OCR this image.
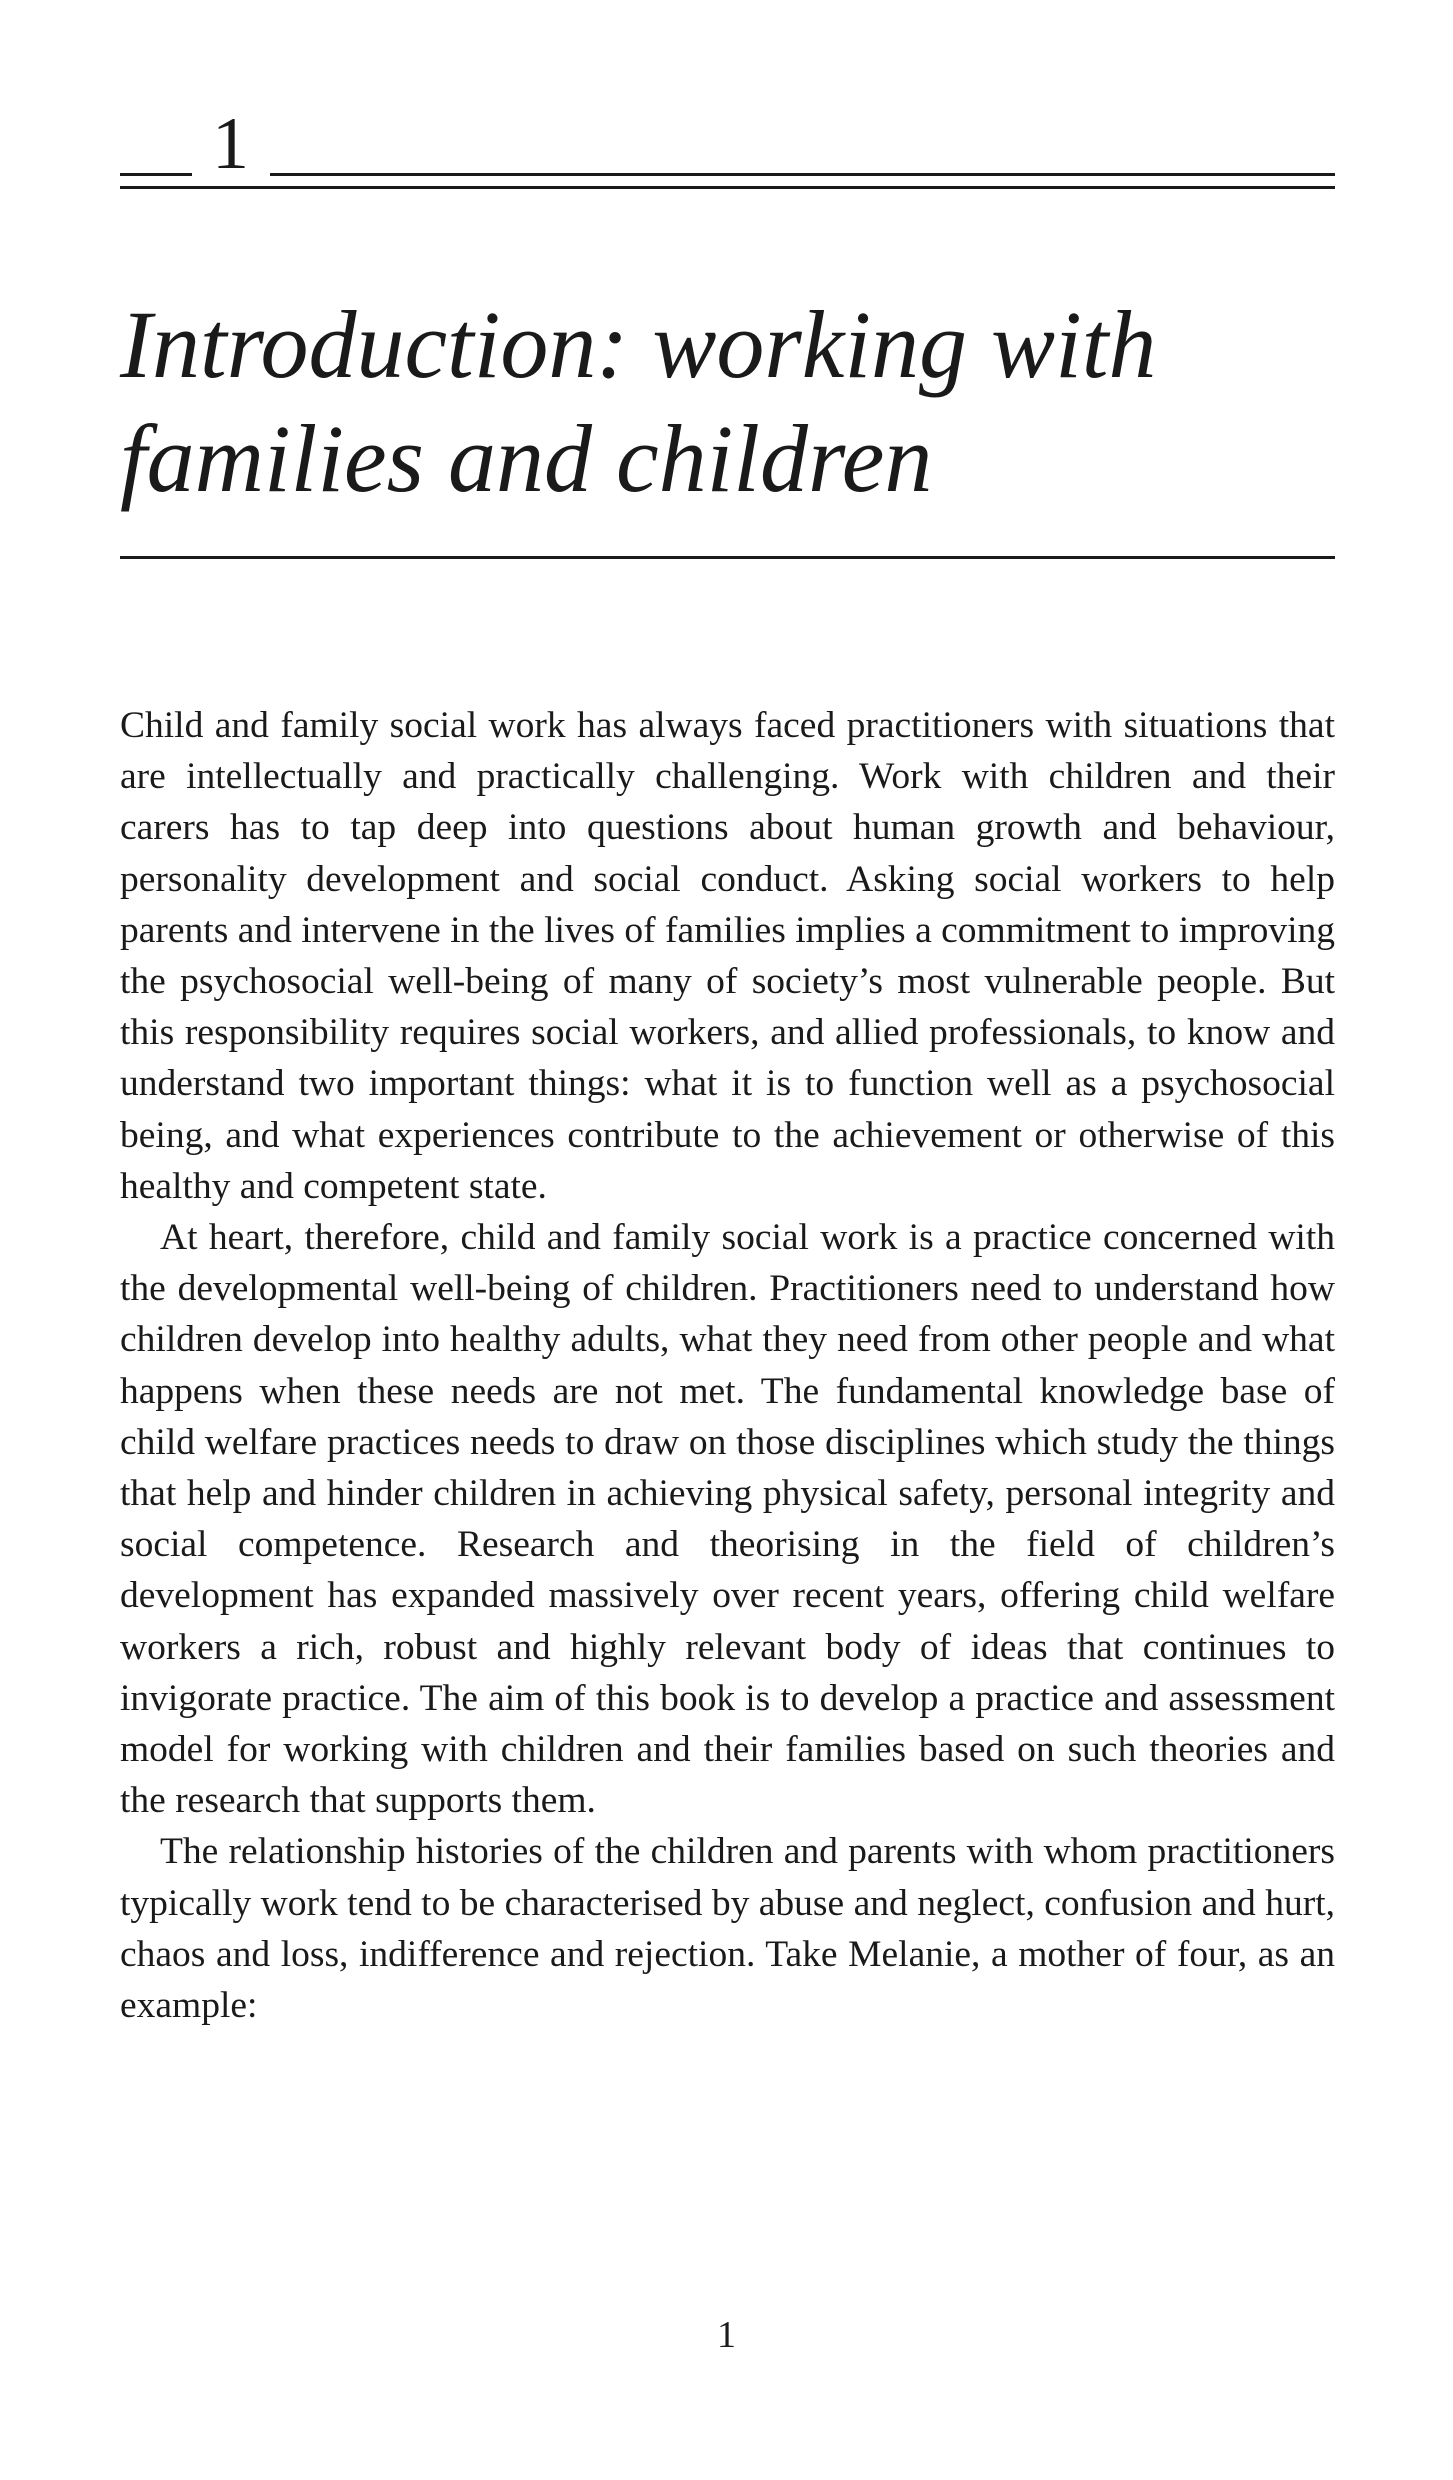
1
Introduction: working with
families and children

Child and family social work has always faced practitioners with situations that are intellectually and practically challenging. Work with children and their carers has to tap deep into questions about human growth and behaviour, personality development and social conduct. Asking social workers to help parents and intervene in the lives of families implies a commitment to improving the psychosocial well-being of many of society’s most vulnerable people. But this responsibility requires social workers, and allied professionals, to know and understand two important things: what it is to function well as a psychosocial being, and what experiences contribute to the achievement or otherwise of this healthy and competent state.

At heart, therefore, child and family social work is a practice concerned with the developmental well-being of children. Practitioners need to understand how children develop into healthy adults, what they need from other people and what happens when these needs are not met. The fundamental knowledge base of child welfare practices needs to draw on those disciplines which study the things that help and hinder children in achieving physical safety, personal integrity and social competence. Research and theorising in the field of children’s development has expanded massively over recent years, offering child welfare workers a rich, robust and highly relevant body of ideas that continues to invigorate practice. The aim of this book is to develop a practice and assessment model for working with children and their families based on such theories and the research that supports them.

The relationship histories of the children and parents with whom practitioners typically work tend to be characterised by abuse and neglect, confusion and hurt, chaos and loss, indifference and rejection. Take Melanie, a mother of four, as an example:

1
